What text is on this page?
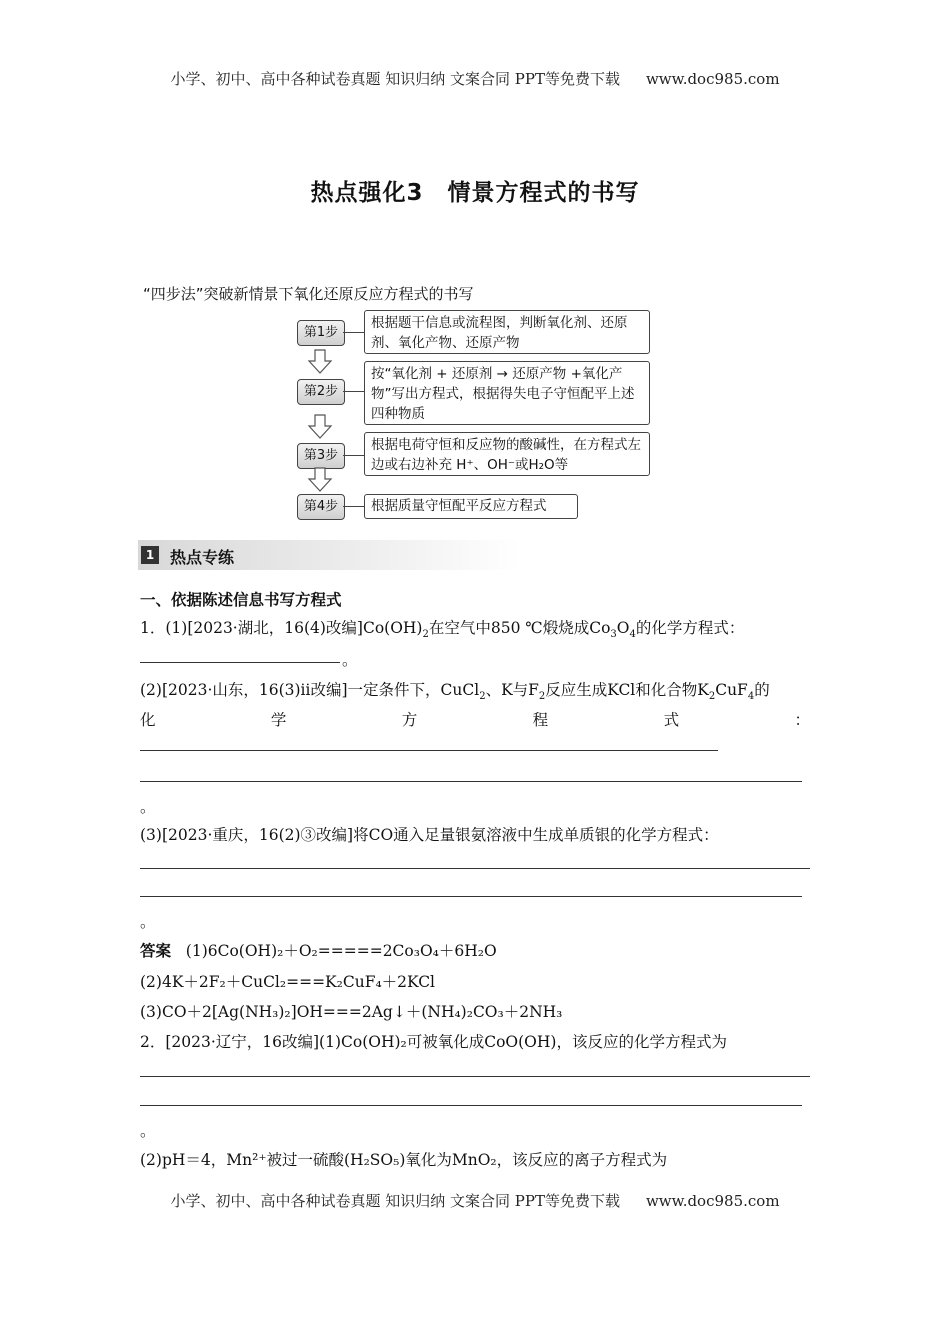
小学、初中、高中各种试卷真题 知识归纳 文案合同 PPT等免费下载 www.doc985.com
热点强化3　情景方程式的书写
“四步法”突破新情景下氧化还原反应方程式的书写
第1步
根据题干信息或流程图，判断氧化剂、还原剂、氧化产物、还原产物
第2步
按“氧化剂 + 还原剂 → 还原产物 +氧化产物”写出方程式，根据得失电子守恒配平上述四种物质
第3步
根据电荷守恒和反应物的酸碱性，在方程式左边或右边补充 H⁺、OH⁻或H₂O等
第4步	根据质量守恒配平反应方程式
1 热点专练
一、依据陈述信息书写方程式
1．(1)[2023·湖北，16(4)改编]$Co(OH)_2$在空气中850 ℃煅烧成$Co_3O_4$的化学方程式：
。
(2)[2023·山东，16(3)ⅱ改编]一定条件下，CuCl$_2$、K与$F_2$反应生成KCl和化合物$K_2CuF_4$的
化	学	方	程	式	：
。
(3)[2023·重庆，16(2)③改编]将CO通入足量银氨溶液中生成单质银的化学方程式：
。
答案 (1)6Co(OH)₂＋O₂=====2Co₃O₄＋6H₂O
(2)4K＋2F₂＋CuCl₂===K₂CuF₄＋2KCl
(3)CO＋2[Ag(NH₃)₂]OH===2Ag↓＋(NH₄)₂CO₃＋2NH₃
2．[2023·辽宁，16改编](1)Co(OH)₂可被氧化成CoO(OH)，该反应的化学方程式为
。
(2)pH＝4，Mn²⁺被过一硫酸(H₂SO₅)氧化为MnO₂，该反应的离子方程式为
小学、初中、高中各种试卷真题 知识归纳 文案合同 PPT等免费下载 www.doc985.com
